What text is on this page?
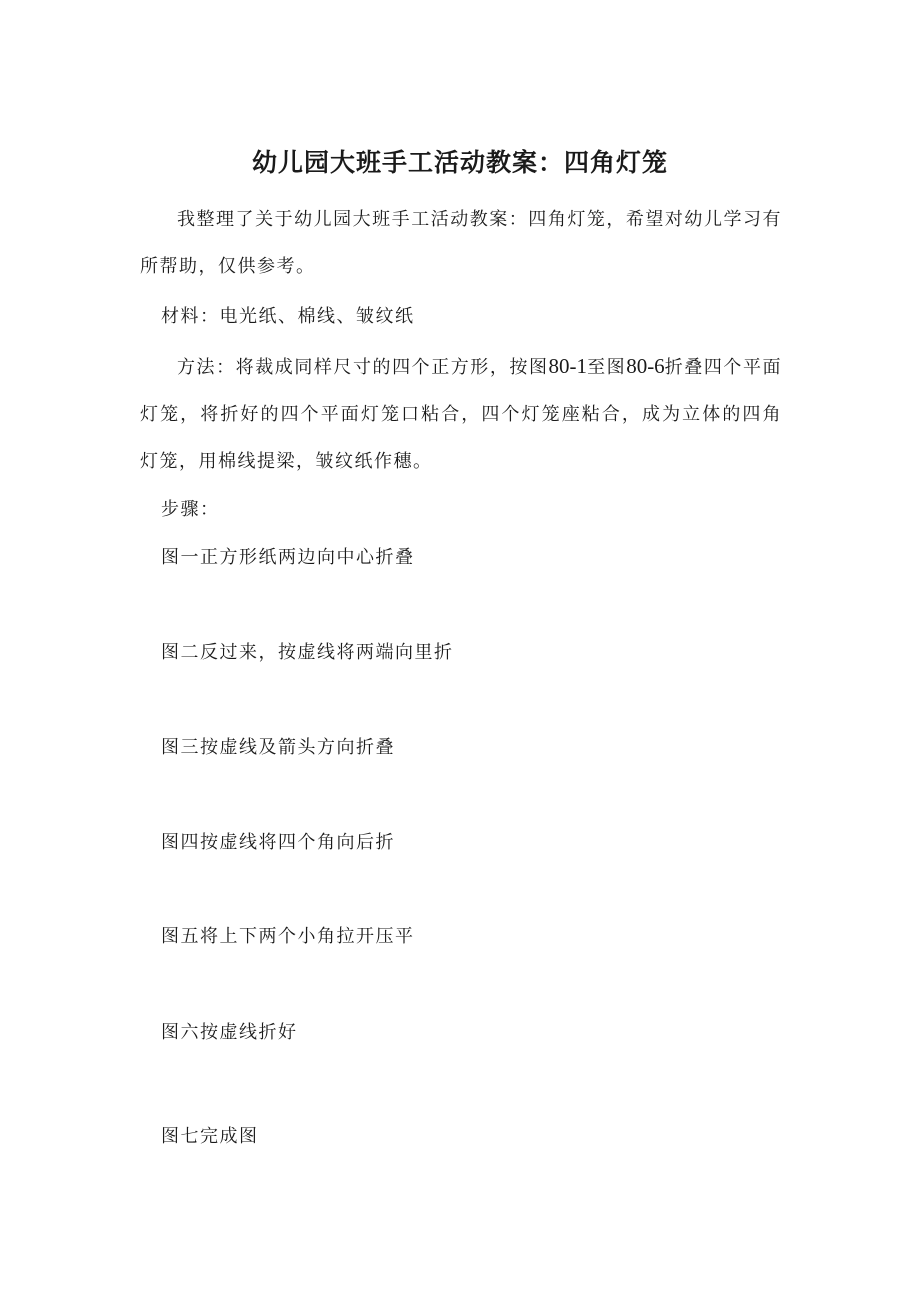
幼儿园大班手工活动教案：四角灯笼

我整理了关于幼儿园大班手工活动教案：四角灯笼，希望对幼儿学习有所帮助，仅供参考。

材料：电光纸、棉线、皱纹纸

方法：将裁成同样尺寸的四个正方形，按图80-1至图80-6折叠四个平面灯笼，将折好的四个平面灯笼口粘合，四个灯笼座粘合，成为立体的四角灯笼，用棉线提梁，皱纹纸作穗。

步骤：

图一正方形纸两边向中心折叠

图二反过来，按虚线将两端向里折

图三按虚线及箭头方向折叠

图四按虚线将四个角向后折

图五将上下两个小角拉开压平

图六按虚线折好

图七完成图
